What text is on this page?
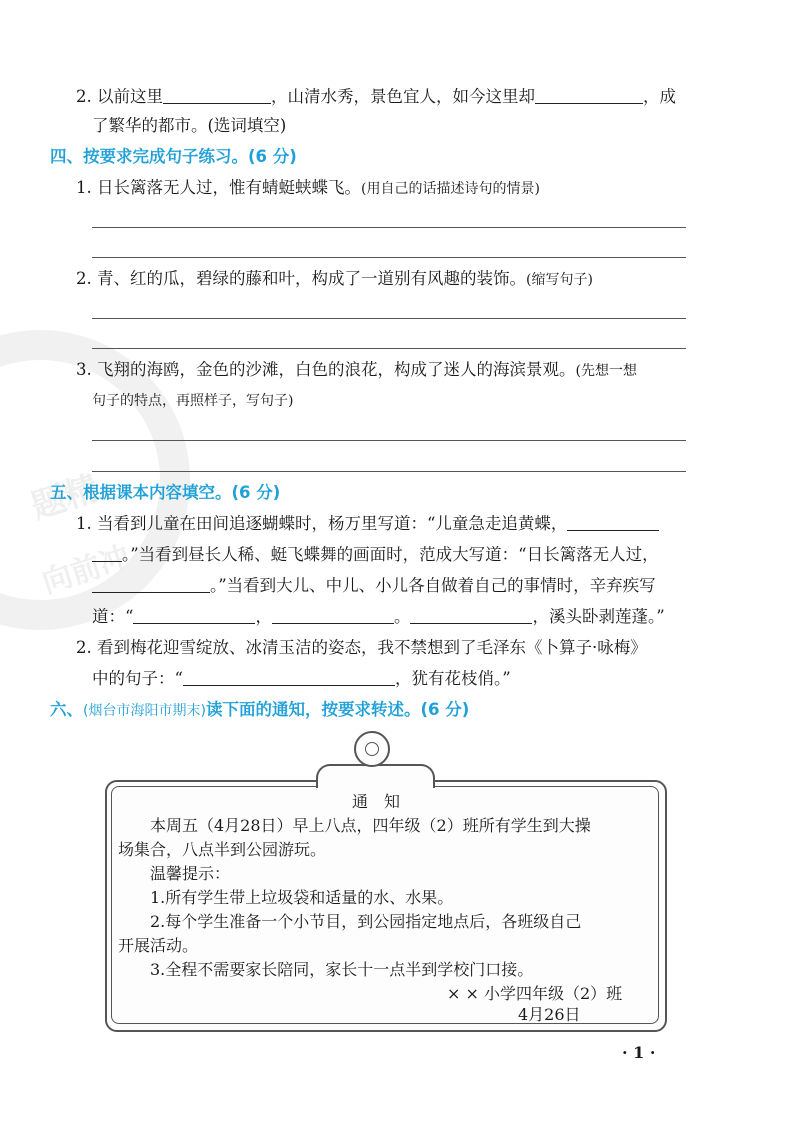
题精
向前冲
2. 以前这里	，山清水秀，景色宜人，如今这里却	，成
了繁华的都市。(选词填空)
四、按要求完成句子练习。(6 分)
1. 日长篱落无人过，惟有蜻蜓蛱蝶飞。(用自己的话描述诗句的情景)
2. 青、红的瓜，碧绿的藤和叶，构成了一道别有风趣的装饰。(缩写句子)
3. 飞翔的海鸥，金色的沙滩，白色的浪花，构成了迷人的海滨景观。(先想一想
句子的特点，再照样子，写句子)
五、根据课本内容填空。(6 分)
1. 当看到儿童在田间追逐蝴蝶时，杨万里写道：“儿童急走追黄蝶，
。”当看到昼长人稀、蜓飞蝶舞的画面时，范成大写道：“日长篱落无人过，
。”当看到大儿、中儿、小儿各自做着自己的事情时，辛弃疾写
道：“	，	。	，溪头卧剥莲蓬。”
2. 看到梅花迎雪绽放、冰清玉洁的姿态，我不禁想到了毛泽东《卜算子·咏梅》
中的句子：“	，犹有花枝俏。”
六、(烟台市海阳市期末)读下面的通知，按要求转述。(6 分)
通　知
本周五（4月28日）早上八点，四年级（2）班所有学生到大操
场集合，八点半到公园游玩。
温馨提示：
1.所有学生带上垃圾袋和适量的水、水果。
2.每个学生准备一个小节目，到公园指定地点后，各班级自己
开展活动。
3.全程不需要家长陪同，家长十一点半到学校门口接。
× × 小学四年级（2）班
4月26日
· 1 ·
